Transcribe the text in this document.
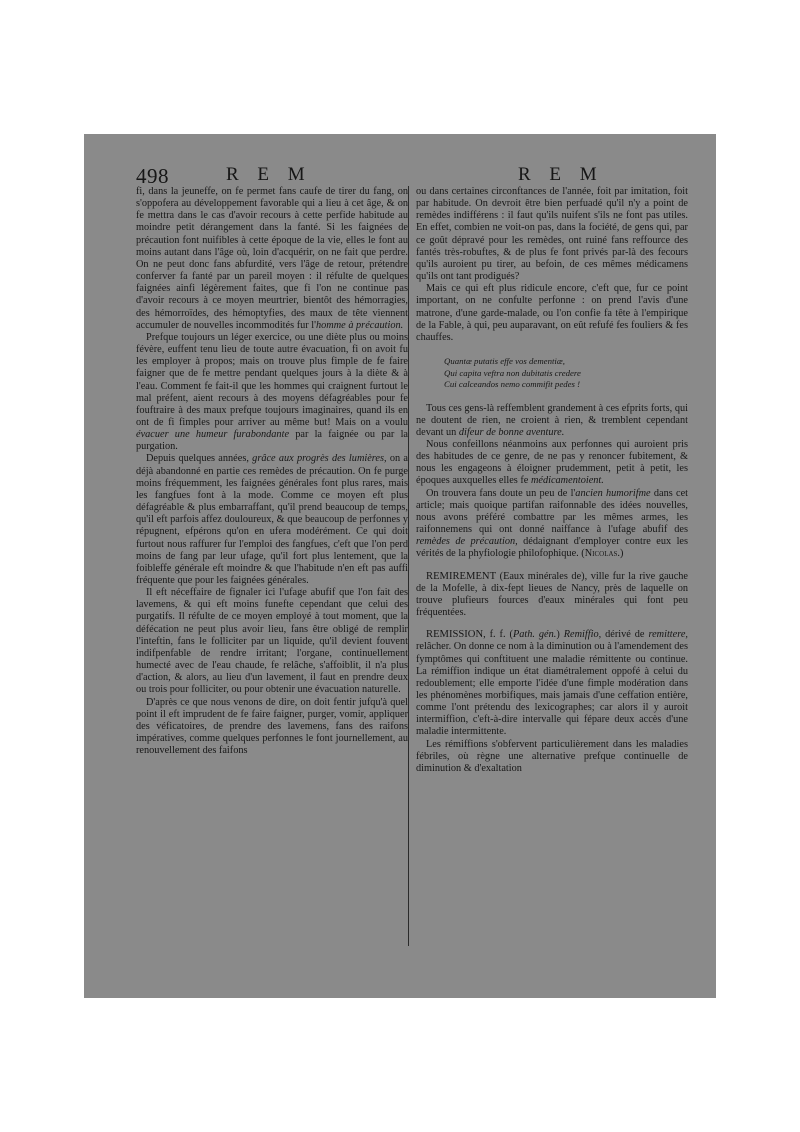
498	R E M	R E M

fi, dans la jeuneffe, on fe permet fans caufe de tirer du fang, on s'oppofera au développement favorable qui a lieu à cet âge, & on fe mettra dans le cas d'avoir recours à cette perfide habitude au moindre petit dérangement dans la fanté. Si les faignées de précaution font nuifibles à cette époque de la vie, elles le font au moins autant dans l'âge où, loin d'acquérir, on ne fait que perdre. On ne peut donc fans abfurdité, vers l'âge de retour, prétendre conferver fa fanté par un pareil moyen : il réfulte de quelques faignées ainfi légèrement faites, que fi l'on ne continue pas d'avoir recours à ce moyen meurtrier, bientôt des hémorragies, des hémorroïdes, des hémoptyfies, des maux de tête viennent accumuler de nouvelles incommodités fur l'homme à précaution.

Prefque toujours un léger exercice, ou une diète plus ou moins févère, euffent tenu lieu de toute autre évacuation, fi on avoit fu les employer à propos; mais on trouve plus fimple de fe faire faigner que de fe mettre pendant quelques jours à la diète & à l'eau. Comment fe fait-il que les hommes qui craignent furtout le mal préfent, aient recours à des moyens défagréables pour fe fouftraire à des maux prefque toujours imaginaires, quand ils en ont de fi fimples pour arriver au même but! Mais on a voulu évacuer une humeur furabondante par la faignée ou par la purgation.

Depuis quelques années, grâce aux progrès des lumières, on a déjà abandonné en partie ces remèdes de précaution. On fe purge moins fréquemment, les faignées générales font plus rares, mais les fangfues font à la mode. Comme ce moyen eft plus défagréable & plus embarraffant, qu'il prend beaucoup de temps, qu'il eft parfois affez douloureux, & que beaucoup de perfonnes y répugnent, efpérons qu'on en ufera modérément. Ce qui doit furtout nous raffurer fur l'emploi des fangfues, c'eft que l'on perd moins de fang par leur ufage, qu'il fort plus lentement, que la foibleffe générale eft moindre & que l'habitude n'en eft pas auffi fréquente que pour les faignées générales.

Il eft néceffaire de fignaler ici l'ufage abufif que l'on fait des lavemens, & qui eft moins funefte cependant que celui des purgatifs. Il réfulte de ce moyen employé à tout moment, que la défécation ne peut plus avoir lieu, fans être obligé de remplir l'inteftin, fans le folliciter par un liquide, qu'il devient fouvent indifpenfable de rendre irritant; l'organe, continuellement humecté avec de l'eau chaude, fe relâche, s'affoiblit, il n'a plus d'action, & alors, au lieu d'un lavement, il faut en prendre deux ou trois pour folliciter, ou pour obtenir une évacuation naturelle.

D'après ce que nous venons de dire, on doit fentir jufqu'à quel point il eft imprudent de fe faire faigner, purger, vomir, appliquer des véficatoires, de prendre des lavemens, fans des raifons impératives, comme quelques perfonnes le font journellement, au renouvellement des faifons

ou dans certaines circonftances de l'année, foit par imitation, foit par habitude. On devroit être bien perfuadé qu'il n'y a point de remèdes indifférens : il faut qu'ils nuifent s'ils ne font pas utiles. En effet, combien ne voit-on pas, dans la fociété, de gens qui, par ce goût dépravé pour les remèdes, ont ruiné fans reffource des fantés très-robuftes, & de plus fe font privés par-là des fecours qu'ils auroient pu tirer, au befoin, de ces mêmes médicamens qu'ils ont tant prodigués?

Mais ce qui eft plus ridicule encore, c'eft que, fur ce point important, on ne confulte perfonne : on prend l'avis d'une matrone, d'une garde-malade, ou l'on confie fa tête à l'empirique de la Fable, à qui, peu auparavant, on eût refufé fes fouliers & fes chauffes.

Quantæ putatis effe vos dementiæ,
Qui capita veftra non dubitatis credere
Cui calceandos nemo commifit pedes !

Tous ces gens-là reffemblent grandement à ces efprits forts, qui ne doutent de rien, ne croient à rien, & tremblent cependant devant un difeur de bonne aventure.

Nous confeillons néanmoins aux perfonnes qui auroient pris des habitudes de ce genre, de ne pas y renoncer fubitement, & nous les engageons à éloigner prudemment, petit à petit, les époques auxquelles elles fe médicamentoient.

On trouvera fans doute un peu de l'ancien humorifme dans cet article; mais quoique partifan raifonnable des idées nouvelles, nous avons préféré combattre par les mêmes armes, les raifonnemens qui ont donné naiffance à l'ufage abufif des remèdes de précaution, dédaignant d'employer contre eux les vérités de la phyfiologie philofophique. (Nicolas.)

REMIREMENT (Eaux minérales de), ville fur la rive gauche de la Mofelle, à dix-fept lieues de Nancy, près de laquelle on trouve plufieurs fources d'eaux minérales qui font peu fréquentées.

REMISSION, f. f. (Path. gén.) Remiffio, dérivé de remittere, relâcher. On donne ce nom à la diminution ou à l'amendement des fymptômes qui conftituent une maladie rémittente ou continue. La rémiffion indique un état diamétralement oppofé à celui du redoublement; elle emporte l'idée d'une fimple modération dans les phénomènes morbifiques, mais jamais d'une ceffation entière, comme l'ont prétendu des lexicographes; car alors il y auroit intermiffion, c'eft-à-dire intervalle qui fépare deux accès d'une maladie intermittente.

Les rémiffions s'obfervent particulièrement dans les maladies fébriles, où règne une alternative prefque continuelle de diminution & d'exaltation
